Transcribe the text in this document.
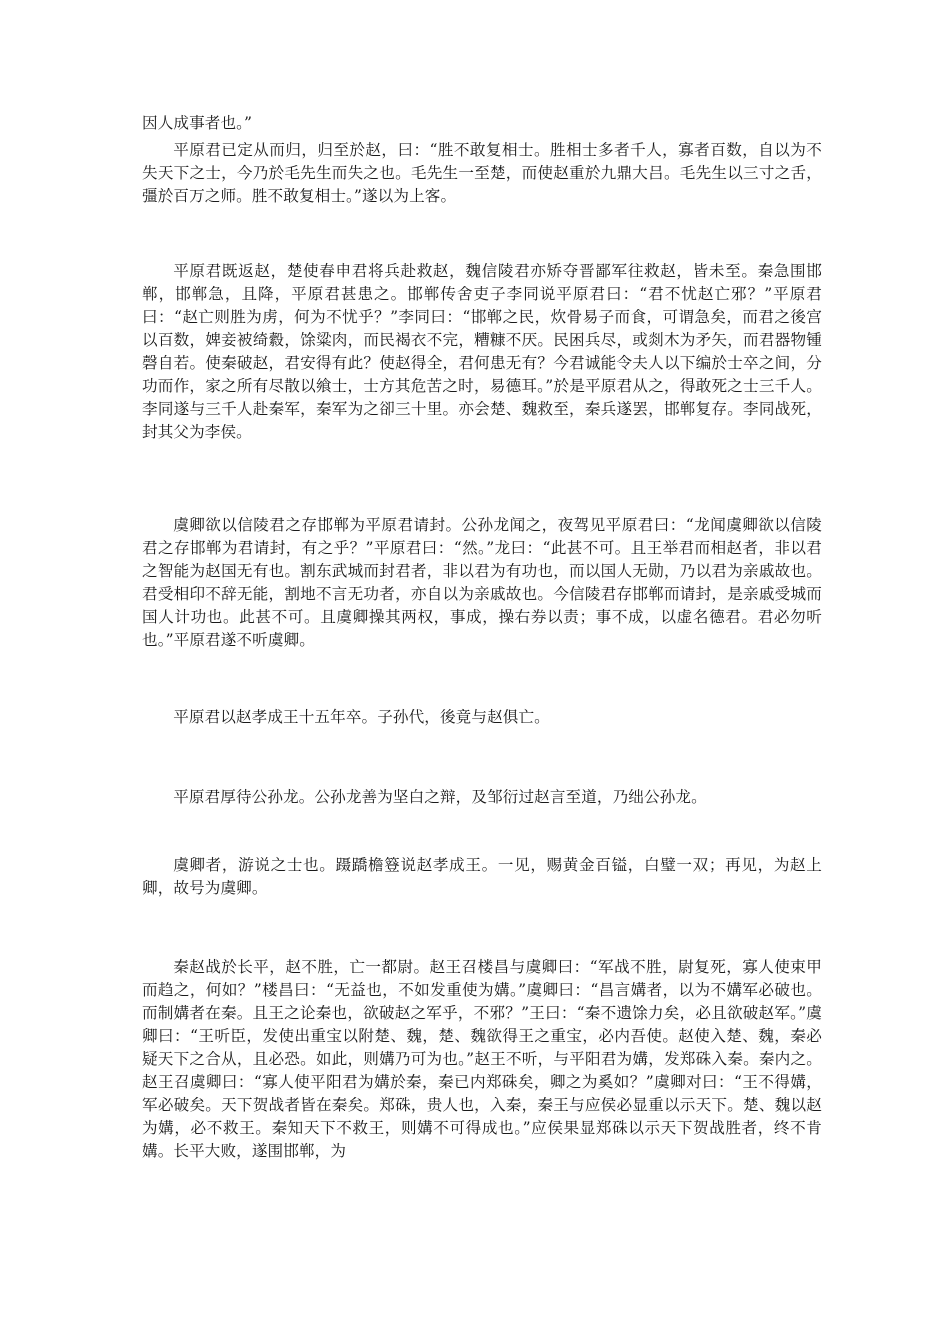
因人成事者也。”
平原君已定从而归，归至於赵，曰：“胜不敢复相士。胜相士多者千人，寡者百数，自以为不失天下之士，今乃於毛先生而失之也。毛先生一至楚，而使赵重於九鼎大吕。毛先生以三寸之舌，彊於百万之师。胜不敢复相士。”遂以为上客。
平原君既返赵，楚使春申君将兵赴救赵，魏信陵君亦矫夺晋鄙军往救赵，皆未至。秦急围邯郸，邯郸急，且降，平原君甚患之。邯郸传舍吏子李同说平原君曰：“君不忧赵亡邪？”平原君曰：“赵亡则胜为虏，何为不忧乎？”李同曰：“邯郸之民，炊骨易子而食，可谓急矣，而君之後宫以百数，婢妾被绮縠，馀粱肉，而民褐衣不完，糟糠不厌。民困兵尽，或剡木为矛矢，而君器物锺磬自若。使秦破赵，君安得有此？使赵得全，君何患无有？今君诚能令夫人以下编於士卒之间，分功而作，家之所有尽散以飨士，士方其危苦之时，易德耳。”於是平原君从之，得敢死之士三千人。李同遂与三千人赴秦军，秦军为之卻三十里。亦会楚、魏救至，秦兵遂罢，邯郸复存。李同战死，封其父为李侯。
虞卿欲以信陵君之存邯郸为平原君请封。公孙龙闻之，夜驾见平原君曰：“龙闻虞卿欲以信陵君之存邯郸为君请封，有之乎？”平原君曰：“然。”龙曰：“此甚不可。且王举君而相赵者，非以君之智能为赵国无有也。割东武城而封君者，非以君为有功也，而以国人无勋，乃以君为亲戚故也。君受相印不辞无能，割地不言无功者，亦自以为亲戚故也。今信陵君存邯郸而请封，是亲戚受城而国人计功也。此甚不可。且虞卿操其两权，事成，操右券以责；事不成，以虚名德君。君必勿听也。”平原君遂不听虞卿。
平原君以赵孝成王十五年卒。子孙代，後竟与赵俱亡。
平原君厚待公孙龙。公孙龙善为坚白之辩，及邹衍过赵言至道，乃绌公孙龙。
虞卿者，游说之士也。蹑蹻檐簦说赵孝成王。一见，赐黄金百镒，白璧一双；再见，为赵上卿，故号为虞卿。
秦赵战於长平，赵不胜，亡一都尉。赵王召楼昌与虞卿曰：“军战不胜，尉复死，寡人使束甲而趋之，何如？”楼昌曰：“无益也，不如发重使为媾。”虞卿曰：“昌言媾者，以为不媾军必破也。而制媾者在秦。且王之论秦也，欲破赵之军乎，不邪？”王曰：“秦不遗馀力矣，必且欲破赵军。”虞卿曰：“王听臣，发使出重宝以附楚、魏，楚、魏欲得王之重宝，必内吾使。赵使入楚、魏，秦必疑天下之合从，且必恐。如此，则媾乃可为也。”赵王不听，与平阳君为媾，发郑硃入秦。秦内之。赵王召虞卿曰：“寡人使平阳君为媾於秦，秦已内郑硃矣，卿之为奚如？”虞卿对曰：“王不得媾，军必破矣。天下贺战者皆在秦矣。郑硃，贵人也，入秦，秦王与应侯必显重以示天下。楚、魏以赵为媾，必不救王。秦知天下不救王，则媾不可得成也。”应侯果显郑硃以示天下贺战胜者，终不肯媾。长平大败，遂围邯郸，为
